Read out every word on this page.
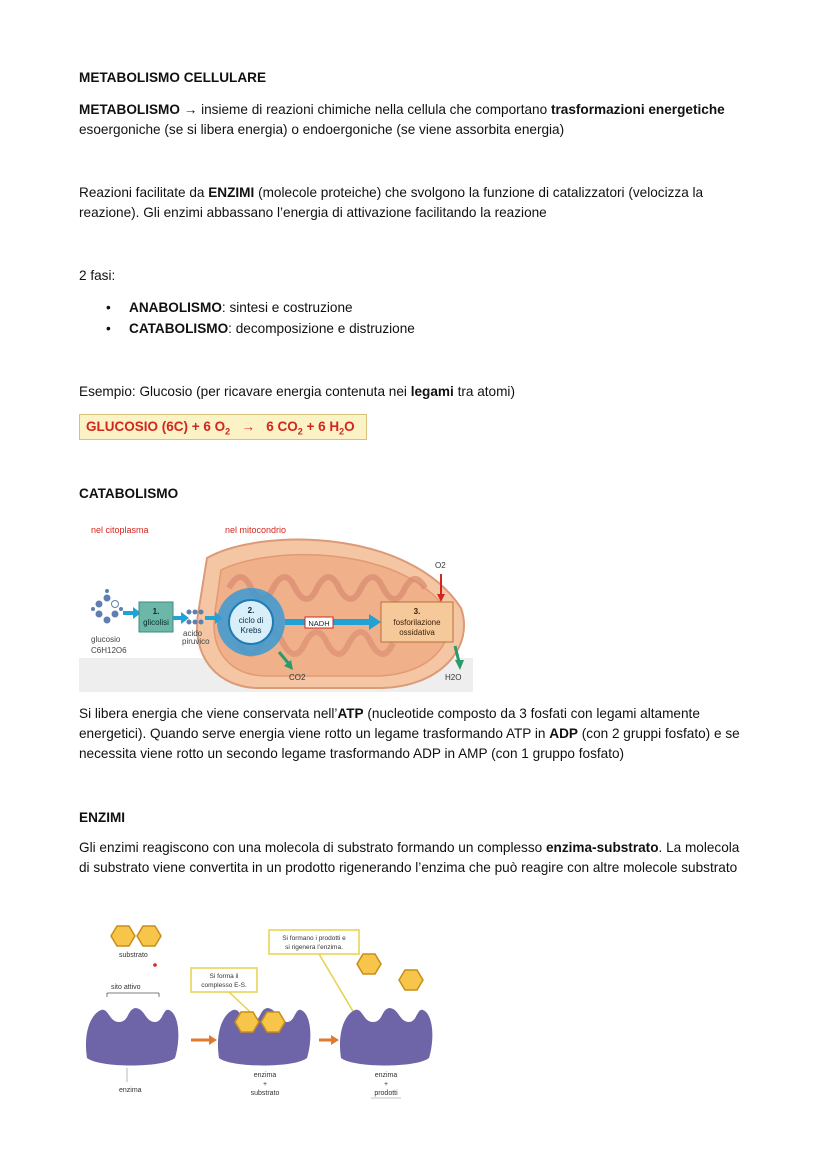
METABOLISMO CELLULARE

METABOLISMO → insieme di reazioni chimiche nella cellula che comportano trasformazioni energetiche esoergoniche (se si libera energia) o endoergoniche (se viene assorbita energia)

Reazioni facilitate da ENZIMI (molecole proteiche) che svolgono la funzione di catalizzatori (velocizza la reazione). Gli enzimi abbassano l’energia di attivazione facilitando la reazione

2 fasi:

• ANABOLISMO: sintesi e costruzione
• CATABOLISMO: decomposizione e distruzione

Esempio: Glucosio (per ricavare energia contenuta nei legami tra atomi)

GLUCOSIO (6C) + 6 $O_2 \to 6$ $CO_2 + 6$ $H_2O$
CATABOLISMO
nel citoplasma	nel mitocondrio
glucosio
C6H12O6
1.
glicolisi
acido
piruvico
2.
ciclo di
Krebs
NADH
3.
fosforilazione
ossidativa
O2
CO2	H2O

Si libera energia che viene conservata nell’ATP (nucleotide composto da 3 fosfati con legami altamente energetici). Quando serve energia viene rotto un legame trasformando ATP in ADP (con 2 gruppi fosfato) e se necessita viene rotto un secondo legame trasformando ADP in AMP (con 1 gruppo fosfato)

ENZIMI

Gli enzimi reagiscono con una molecola di substrato formando un complesso enzima-substrato. La molecola di substrato viene convertita in un prodotto rigenerando l’enzima che può reagire con altre molecole substrato

substrato
sito attivo
enzima
Si forma il
complesso E-S.
enzima
+
substrato
Si formano i prodotti e
si rigenera l’enzima.
enzima
+
prodotti
